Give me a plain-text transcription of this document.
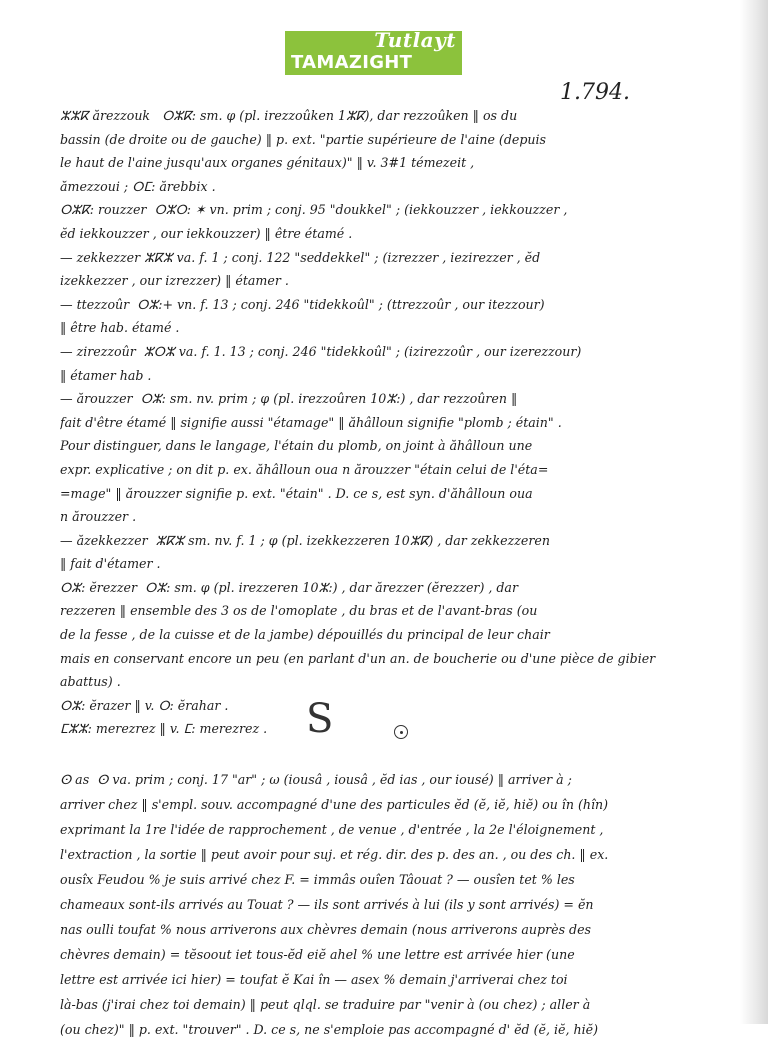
Tutlayt
TAMAZIGHT
1.794.
ⵣⵣⴽ ărezzouk   ⵔⵣⴽ: sm. φ (pl. irezzoûken 1ⵣⴽ), dar rezzoûken ‖ os du
bassin (de droite ou de gauche) ‖ p. ext. "partie supérieure de l'aine (depuis
le haut de l'aine jusqu'aux organes génitaux)" ‖ v. 3#1 témezeit ,
ămezzoui ; ⵔⵎ: ărebbix .
ⵔⵣⴽ: rouzzer  ⵔⵣⵔ: ✶ vn. prim ; conj. 95 "doukkel" ; (iekkouzzer , iekkouzzer ,
ĕd iekkouzzer , our iekkouzzer) ‖ être étamé .
— zekkezzer ⵣⴽⵣ va. f. 1 ; conj. 122 "seddekkel" ; (izrezzer , iezirezzer , ĕd
izekkezzer , our izrezzer) ‖ étamer .
— ttezzoûr  ⵔⵣ:+ vn. f. 13 ; conj. 246 "tidekkoûl" ; (ttrezzoûr , our itezzour)
‖ être hab. étamé .
— zirezzoûr  ⵣⵔⵣ va. f. 1. 13 ; conj. 246 "tidekkoûl" ; (izirezzoûr , our izerezzour)
‖ étamer hab .
— ărouzzer  ⵔⵣ: sm. nv. prim ; φ (pl. irezzoûren 10ⵣ:) , dar rezzoûren ‖
fait d'être étamé ‖ signifie aussi "étamage" ‖ ăhâlloun signifie "plomb ; étain" .
Pour distinguer, dans le langage, l'étain du plomb, on joint à ăhâlloun une
expr. explicative ; on dit p. ex. ăhâlloun oua n ărouzzer "étain celui de l'éta=
=mage" ‖ ărouzzer signifie p. ext. "étain" . D. ce s, est syn. d'ăhâlloun oua
n ărouzzer .
— ăzekkezzer  ⵣⴽⵣ sm. nv. f. 1 ; φ (pl. izekkezzeren 10ⵣⴽ) , dar zekkezzeren
‖ fait d'étamer .
ⵔⵣ: ĕrezzer  ⵔⵣ: sm. φ (pl. irezzeren 10ⵣ:) , dar ărezzer (ĕrezzer) , dar
rezzeren ‖ ensemble des 3 os de l'omoplate , du bras et de l'avant-bras (ou
de la fesse , de la cuisse et de la jambe) dépouillés du principal de leur chair
mais en conservant encore un peu (en parlant d'un an. de boucherie ou d'une pièce de gibier
abattus) .
ⵔⵣ: ĕrazer ‖ v. ⵔ: ĕrahar .
ⵎⵣⵣ: merezrez ‖ v. ⵎ: merezrez . S
ⵙ as  ⵙ va. prim ; conj. 17 "ar" ; ω (iousâ , iousâ , ĕd ias , our iousé) ‖ arriver à ;
arriver chez ‖ s'empl. souv. accompagné d'une des particules ĕd (ĕ, iĕ, hiĕ) ou în (hîn)
exprimant la 1re l'idée de rapprochement , de venue , d'entrée , la 2e l'éloignement ,
l'extraction , la sortie ‖ peut avoir pour suj. et rég. dir. des p. des an. , ou des ch. ‖ ex.
ousîx Feudou % je suis arrivé chez F. = immâs ouîen Tâouat ? — ousîen tet % les
chameaux sont-ils arrivés au Touat ? — ils sont arrivés à lui (ils y sont arrivés) = ĕn
nas oulli toufat % nous arriverons aux chèvres demain (nous arriverons auprès des
chèvres demain) = tĕsoout iet tous-ĕd eiĕ ahel % une lettre est arrivée hier (une
lettre est arrivée ici hier) = toufat ĕ Kai în — asex % demain j'arriverai chez toi
là-bas (j'irai chez toi demain) ‖ peut qlql. se traduire par "venir à (ou chez) ; aller à
(ou chez)" ‖ p. ext. "trouver" . D. ce s, ne s'emploie pas accompagné d' ĕd (ĕ, iĕ, hiĕ)
